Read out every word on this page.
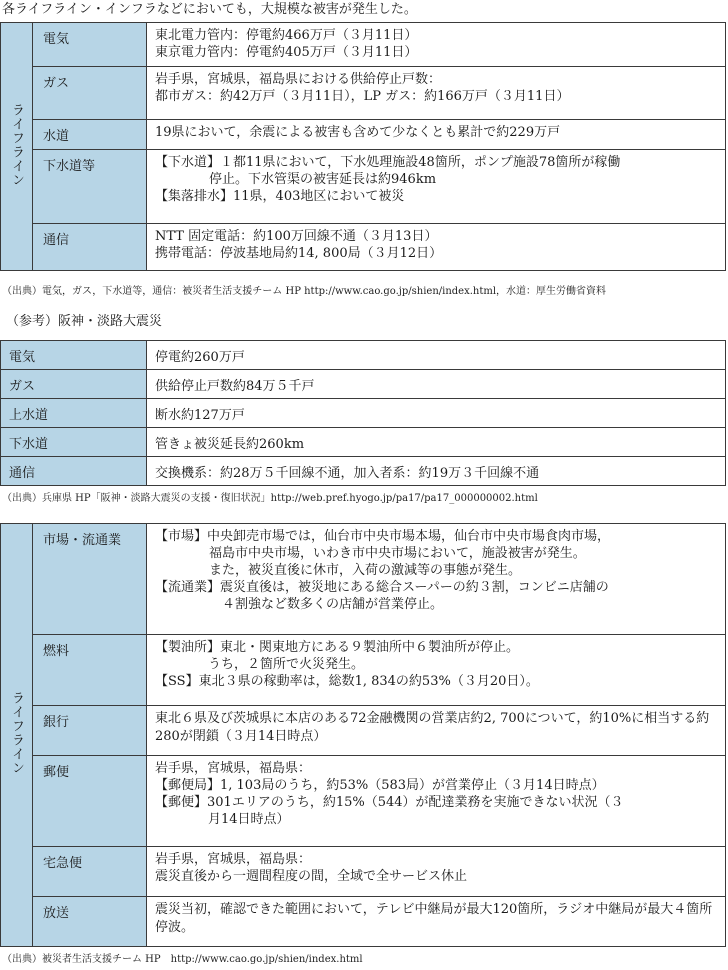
各ライフライン・インフラなどにおいても，大規模な被害が発生した。
ライフライン	電気	東北電力管内：停電約466万戸（３月11日）
東京電力管内：停電約405万戸（３月11日）

	ガス	岩手県，宮城県，福島県における供給停止戸数：
都市ガス：約42万戸（３月11日），LP ガス：約166万戸（３月11日）

	水道	19県において，余震による被害も含めて少なくとも累計で約229万戸

	下水道等	【下水道】１都11県において，下水処理施設48箇所，ポンプ施設78箇所が稼働
停止。下水管渠の被害延長は約946km
【集落排水】11県，403地区において被災

	通信	NTT 固定電話：約100万回線不通（３月13日）
携帯電話：停波基地局約14, 800局（３月12日）
（出典）電気，ガス，下水道等，通信：被災者生活支援チーム HP http://www.cao.go.jp/shien/index.html，水道：厚生労働省資料
（参考）阪神・淡路大震災
電気	停電約260万戸
ガス	供給停止戸数約84万５千戸
上水道	断水約127万戸
下水道	管きょ被災延長約260km
通信	交換機系：約28万５千回線不通，加入者系：約19万３千回線不通
（出典）兵庫県 HP「阪神・淡路大震災の支援・復旧状況」http://web.pref.hyogo.jp/pa17/pa17_000000002.html
ライフライン	市場・流通業	【市場】中央卸売市場では，仙台市中央市場本場，仙台市中央市場食肉市場，
福島市中央市場，いわき市中央市場において，施設被害が発生。
また，被災直後に休市，入荷の激減等の事態が発生。
【流通業】震災直後は，被災地にある総合スーパーの約３割，コンビニ店舗の
４割強など数多くの店舗が営業停止。

	燃料	【製油所】東北・関東地方にある９製油所中６製油所が停止。
うち，２箇所で火災発生。
【SS】東北３県の稼動率は，総数1, 834の約53%（３月20日）。

	銀行	東北６県及び茨城県に本店のある72金融機関の営業店約2, 700について，約10%に相当する約280が閉鎖（３月14日時点）

	郵便	岩手県，宮城県，福島県：
【郵便局】1, 103局のうち，約53%（583局）が営業停止（３月14日時点）
【郵便】301エリアのうち，約15%（544）が配達業務を実施できない状況（３
月14日時点）

	宅急便	岩手県，宮城県，福島県：
震災直後から一週間程度の間，全域で全サービス休止

	放送	震災当初，確認できた範囲において，テレビ中継局が最大120箇所，ラジオ中継局が最大４箇所停波。
（出典）被災者生活支援チーム HP　http://www.cao.go.jp/shien/index.html
